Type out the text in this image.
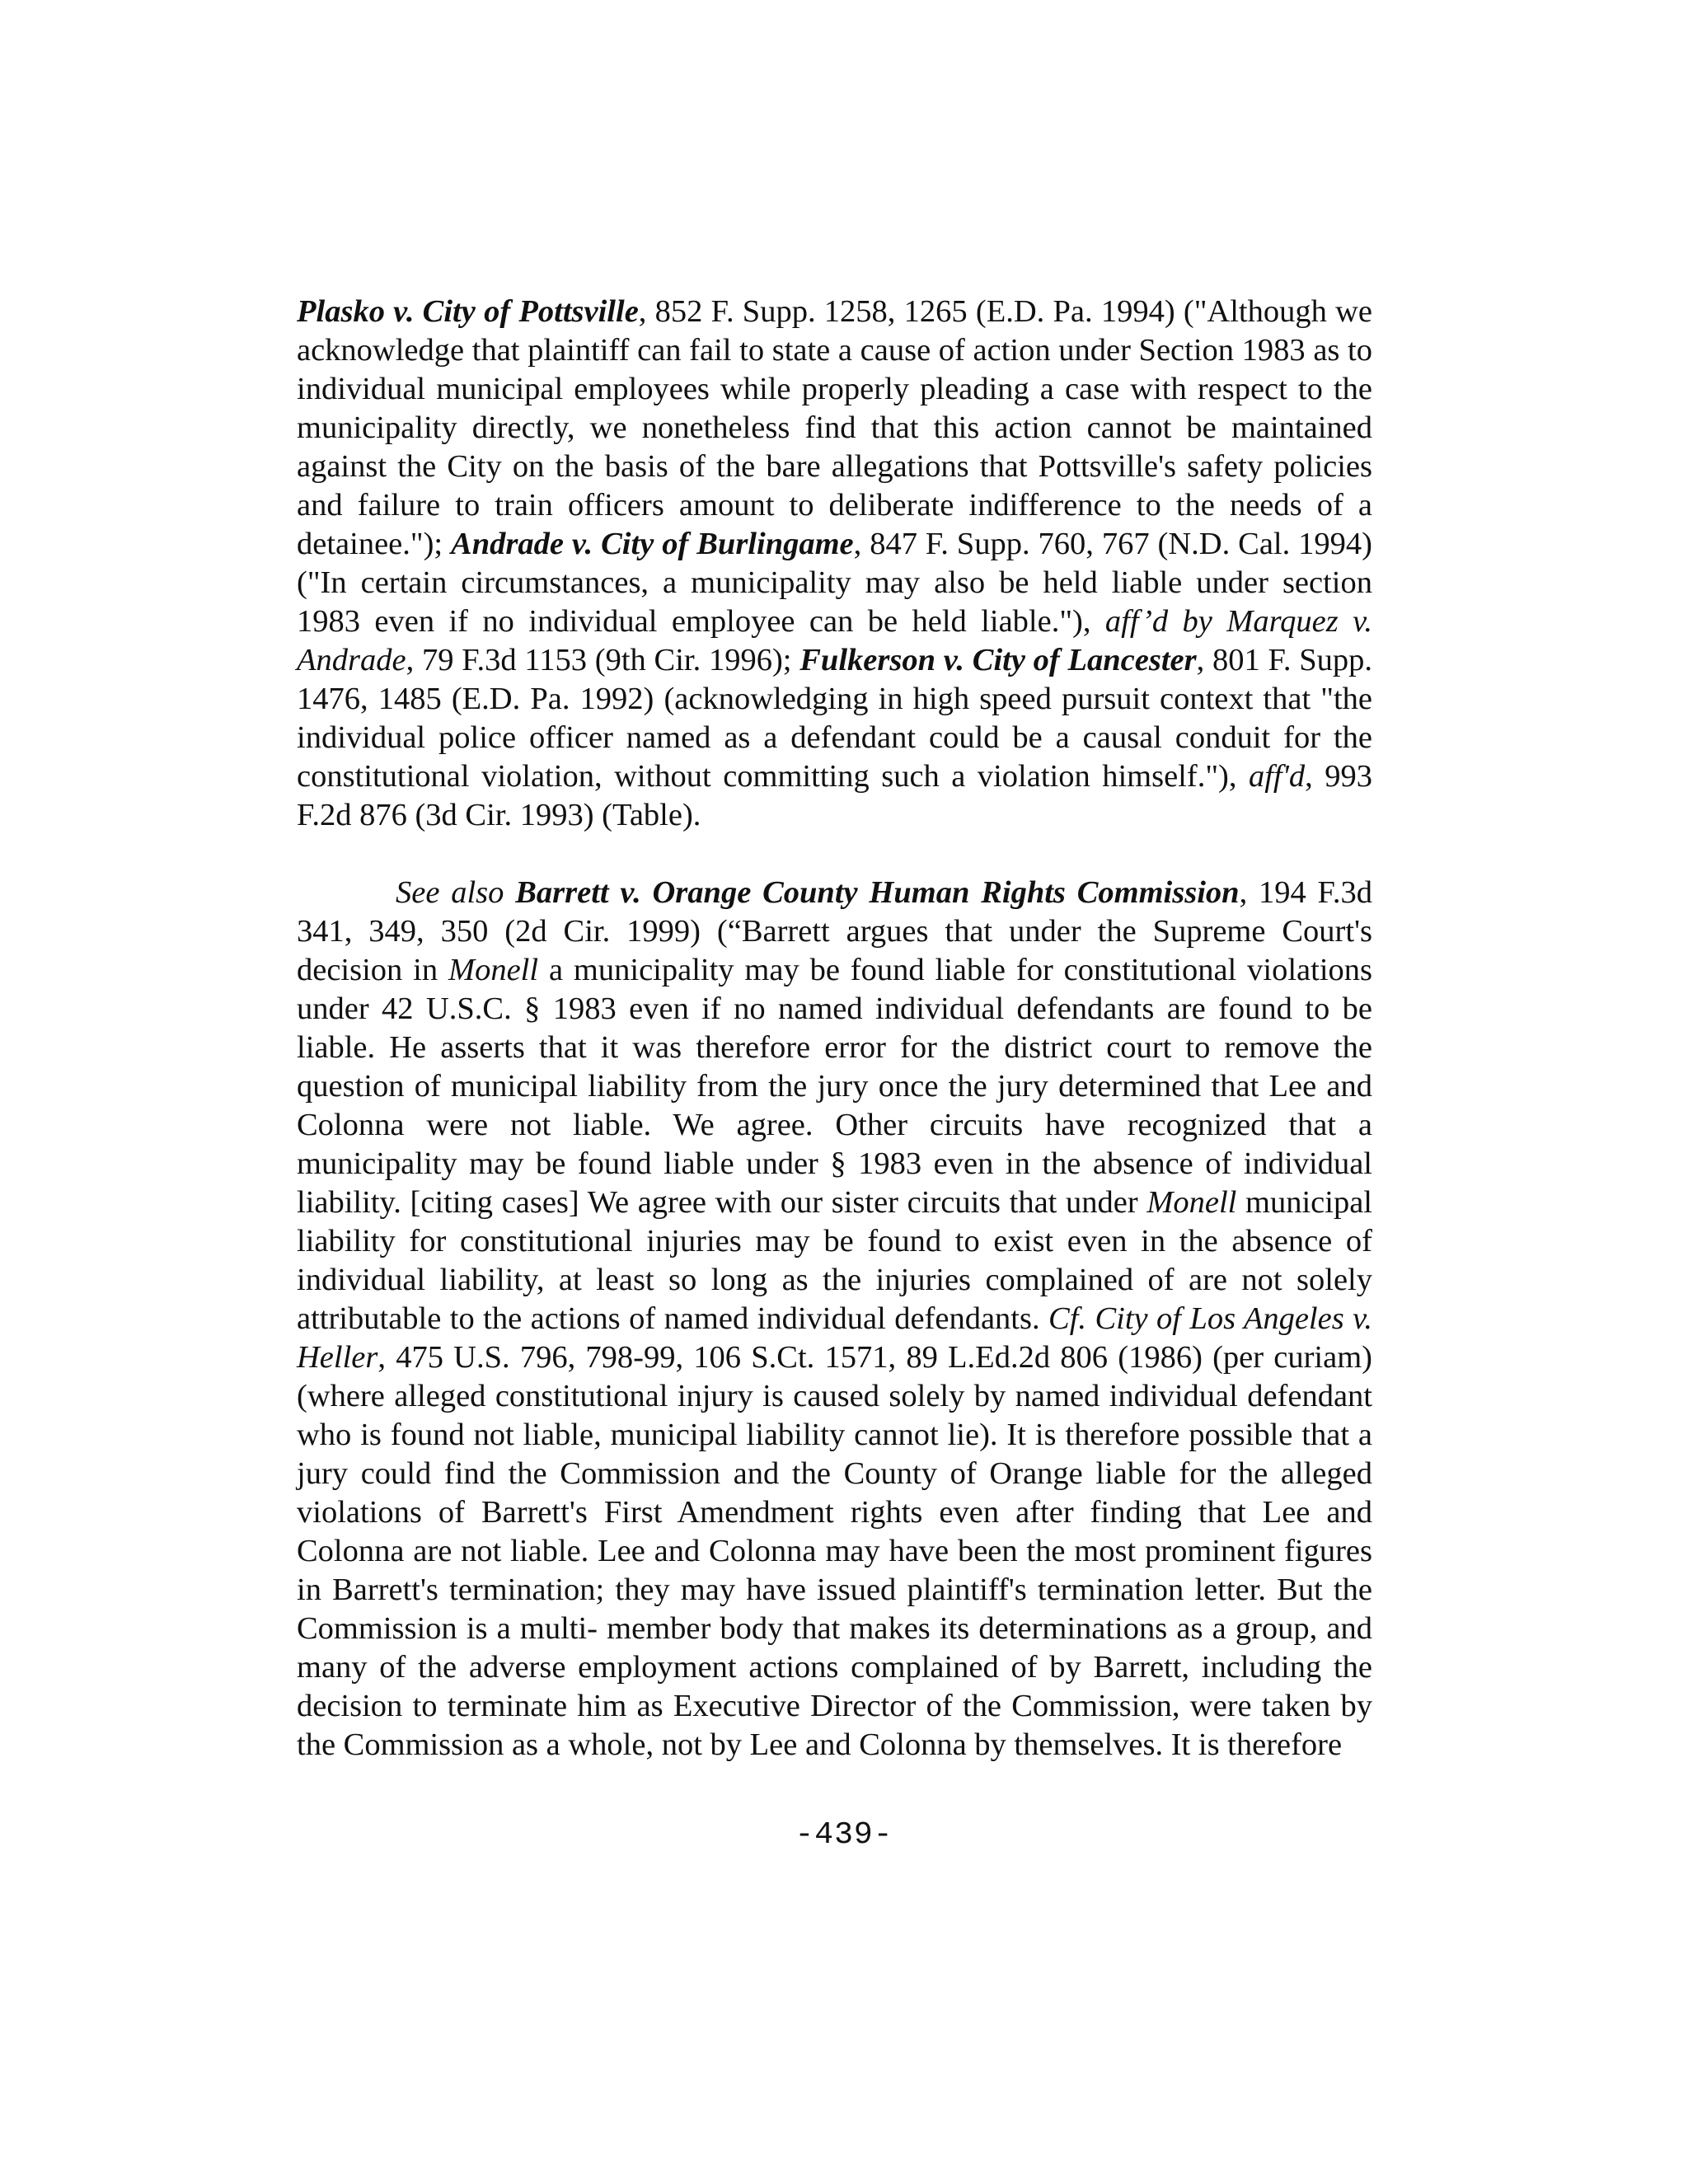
Plasko v. City of Pottsville, 852 F. Supp. 1258, 1265 (E.D. Pa. 1994) ("Although we acknowledge that plaintiff can fail to state a cause of action under Section 1983 as to individual municipal employees while properly pleading a case with respect to the municipality directly, we nonetheless find that this action cannot be maintained against the City on the basis of the bare allegations that Pottsville's safety policies and failure to train officers amount to deliberate indifference to the needs of a detainee."); Andrade v. City of Burlingame, 847 F. Supp. 760, 767 (N.D. Cal. 1994) ("In certain circumstances, a municipality may also be held liable under section 1983 even if no individual employee can be held liable."), aff’d by Marquez v. Andrade, 79 F.3d 1153 (9th Cir. 1996); Fulkerson v. City of Lancester, 801 F. Supp. 1476, 1485 (E.D. Pa. 1992) (acknowledging in high speed pursuit context that "the individual police officer named as a defendant could be a causal conduit for the constitutional violation, without committing such a violation himself."), aff'd, 993 F.2d 876 (3d Cir. 1993) (Table).

See also Barrett v. Orange County Human Rights Commission, 194 F.3d 341, 349, 350 (2d Cir. 1999) (“Barrett argues that under the Supreme Court's decision in Monell a municipality may be found liable for constitutional violations under 42 U.S.C. § 1983 even if no named individual defendants are found to be liable. He asserts that it was therefore error for the district court to remove the question of municipal liability from the jury once the jury determined that Lee and Colonna were not liable. We agree. Other circuits have recognized that a municipality may be found liable under § 1983 even in the absence of individual liability. [citing cases] We agree with our sister circuits that under Monell municipal liability for constitutional injuries may be found to exist even in the absence of individual liability, at least so long as the injuries complained of are not solely attributable to the actions of named individual defendants. Cf. City of Los Angeles v. Heller, 475 U.S. 796, 798-99, 106 S.Ct. 1571, 89 L.Ed.2d 806 (1986) (per curiam) (where alleged constitutional injury is caused solely by named individual defendant who is found not liable, municipal liability cannot lie). It is therefore possible that a jury could find the Commission and the County of Orange liable for the alleged violations of Barrett's First Amendment rights even after finding that Lee and Colonna are not liable. Lee and Colonna may have been the most prominent figures in Barrett's termination; they may have issued plaintiff's termination letter. But the Commission is a multi- member body that makes its determinations as a group, and many of the adverse employment actions complained of by Barrett, including the decision to terminate him as Executive Director of the Commission, were taken by the Commission as a whole, not by Lee and Colonna by themselves. It is therefore

-439-
